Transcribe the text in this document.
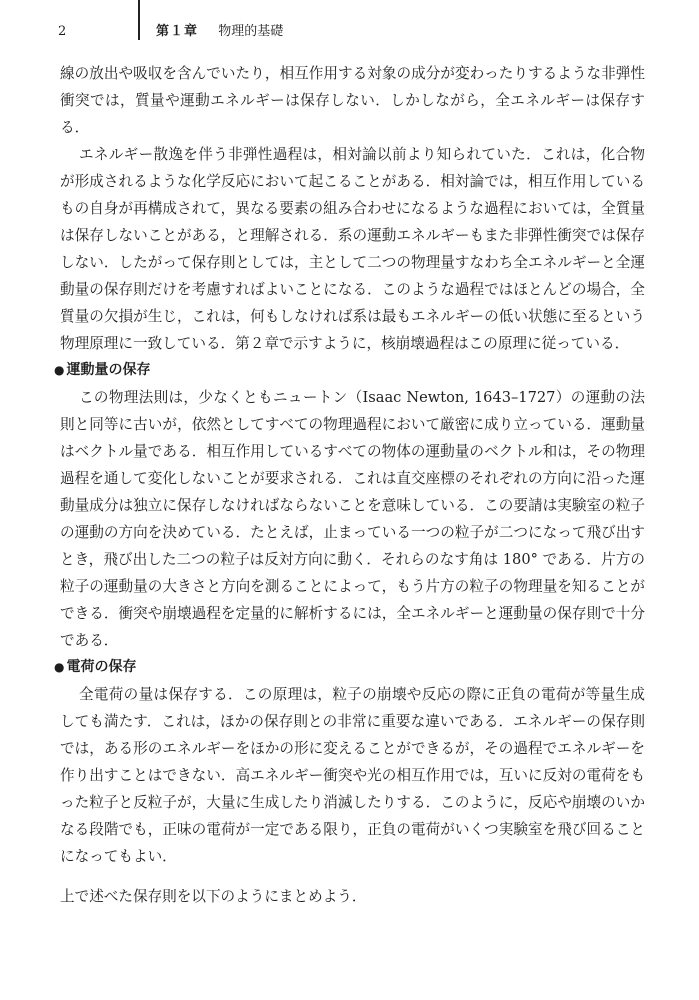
2	第１章 物理的基礎

線の放出や吸収を含んでいたり，相互作用する対象の成分が変わったりするような非弾性衝突では，質量や運動エネルギーは保存しない．しかしながら，全エネルギーは保存する．

エネルギー散逸を伴う非弾性過程は，相対論以前より知られていた．これは，化合物が形成されるような化学反応において起こることがある．相対論では，相互作用しているもの自身が再構成されて，異なる要素の組み合わせになるような過程においては，全質量は保存しないことがある，と理解される．系の運動エネルギーもまた非弾性衝突では保存しない．したがって保存則としては，主として二つの物理量すなわち全エネルギーと全運動量の保存則だけを考慮すればよいことになる．このような過程ではほとんどの場合，全質量の欠損が生じ，これは，何もしなければ系は最もエネルギーの低い状態に至るという物理原理に一致している．第２章で示すように，核崩壊過程はこの原理に従っている．

● 運動量の保存

この物理法則は，少なくともニュートン（Isaac Newton, 1643–1727）の運動の法則と同等に古いが，依然としてすべての物理過程において厳密に成り立っている．運動量はベクトル量である．相互作用しているすべての物体の運動量のベクトル和は，その物理過程を通して変化しないことが要求される．これは直交座標のそれぞれの方向に沿った運動量成分は独立に保存しなければならないことを意味している．この要請は実験室の粒子の運動の方向を決めている．たとえば，止まっている一つの粒子が二つになって飛び出すとき，飛び出した二つの粒子は反対方向に動く．それらのなす角は 180° である．片方の粒子の運動量の大きさと方向を測ることによって，もう片方の粒子の物理量を知ることができる．衝突や崩壊過程を定量的に解析するには，全エネルギーと運動量の保存則で十分である．

● 電荷の保存

全電荷の量は保存する．この原理は，粒子の崩壊や反応の際に正負の電荷が等量生成しても満たす．これは，ほかの保存則との非常に重要な違いである．エネルギーの保存則では，ある形のエネルギーをほかの形に変えることができるが，その過程でエネルギーを作り出すことはできない．高エネルギー衝突や光の相互作用では，互いに反対の電荷をもった粒子と反粒子が，大量に生成したり消滅したりする．このように，反応や崩壊のいかなる段階でも，正味の電荷が一定である限り，正負の電荷がいくつ実験室を飛び回ることになってもよい．

上で述べた保存則を以下のようにまとめよう．
